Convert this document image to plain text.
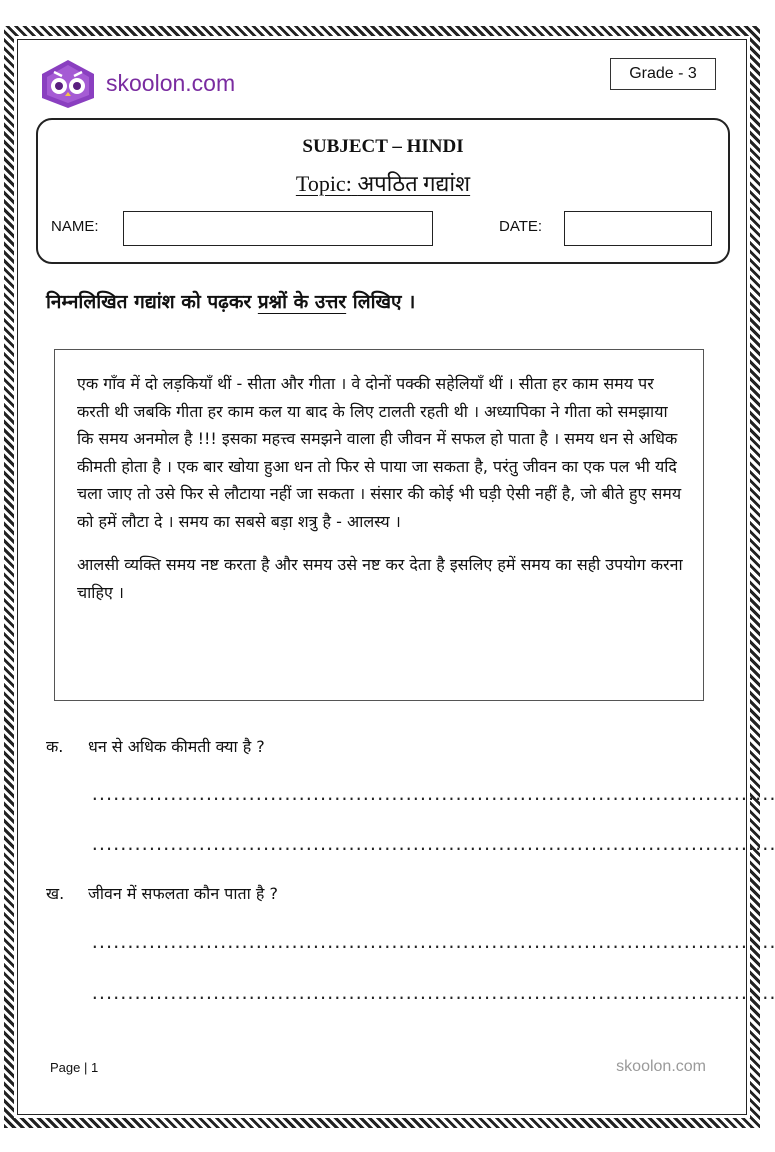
skoolon.com	Grade - 3
SUBJECT – HINDI
Topic: अपठित गद्यांश
NAME:	DATE:
निम्नलिखित गद्यांश को पढ़कर प्रश्नों के उत्तर लिखिए ।

एक गाँव में दो लड़कियाँ थीं - सीता और गीता । वे दोनों पक्की सहेलियाँ थीं । सीता हर काम समय पर करती थी जबकि गीता हर काम कल या बाद के लिए टालती रहती थी । अध्यापिका ने गीता को समझाया कि समय अनमोल है !!! इसका महत्त्व समझने वाला ही जीवन में सफल हो पाता है । समय धन से अधिक कीमती होता है । एक बार खोया हुआ धन तो फिर से पाया जा सकता है, परंतु जीवन का एक पल भी यदि चला जाए तो उसे फिर से लौटाया नहीं जा सकता । संसार की कोई भी घड़ी ऐसी नहीं है, जो बीते हुए समय को हमें लौटा दे । समय का सबसे बड़ा शत्रु है - आलस्य ।

आलसी व्यक्ति समय नष्ट करता है और समय उसे नष्ट कर देता है इसलिए हमें समय का सही उपयोग करना चाहिए ।

क. धन से अधिक कीमती क्या है ?
................................................................................................
................................................................................................
ख. जीवन में सफलता कौन पाता है ?
................................................................................................
................................................................................................
Page | 1	skoolon.com
